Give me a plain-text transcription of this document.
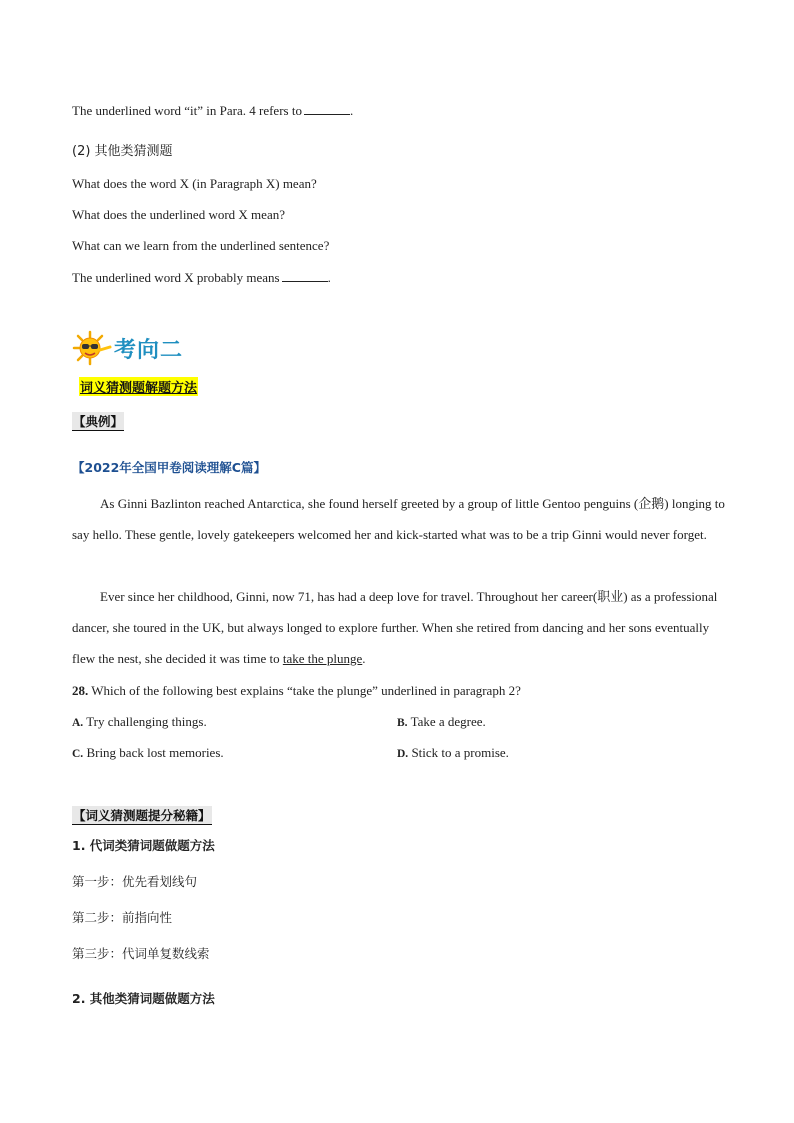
The underlined word “it” in Para. 4 refers to	.
(2) 其他类猜测题
What does the word X (in Paragraph X) mean?
What does the underlined word X mean?
What can we learn from the underlined sentence?
The underlined word X probably means	.
考向二
词义猜测题解题方法
【典例】
【2022年全国甲卷阅读理解C篇】
As Ginni Bazlinton reached Antarctica, she found herself greeted by a group of little Gentoo penguins (企鹅) longing to say hello. These gentle, lovely gatekeepers welcomed her and kick-started what was to be a trip Ginni would never forget.
Ever since her childhood, Ginni, now 71, has had a deep love for travel. Throughout her career(职业) as a professional dancer, she toured in the UK, but always longed to explore further. When she retired from dancing and her sons eventually flew the nest, she decided it was time to take the plunge.
28. Which of the following best explains “take the plunge” underlined in paragraph 2?
A. Try challenging things.	B. Take a degree.
C. Bring back lost memories.	D. Stick to a promise.
【词义猜测题提分秘籍】
1. 代词类猜词题做题方法
第一步：优先看划线句
第二步：前指向性
第三步：代词单复数线索
2. 其他类猜词题做题方法
